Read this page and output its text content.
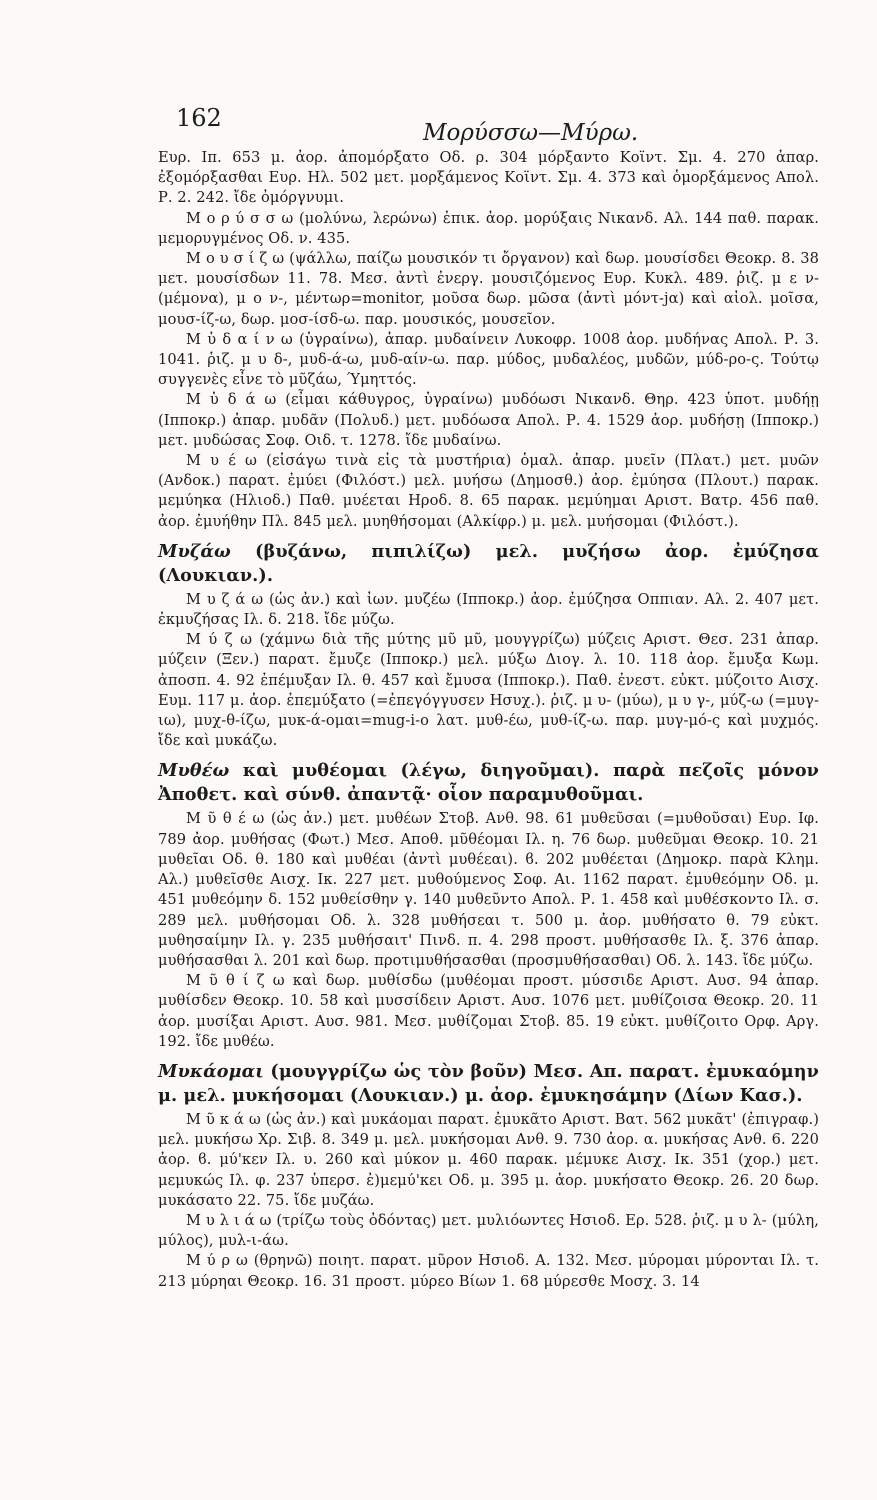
162
Μορύσσω—Μύρω.

Ευρ. Ιπ. 653 μ. ἀορ. ἀπομόρξατο Οδ. ρ. 304 μόρξαντο Κοϊντ. Σμ. 4. 270 ἀπαρ. ἐξομόρξασθαι Ευρ. Ηλ. 502 μετ. μορξάμενος Κοϊντ. Σμ. 4. 373 καὶ ὁμορξάμενος Απολ. Ρ. 2. 242. ἴδε ὀμόργνυμι.

Μ ο ρ ύ σ σ ω (μολύνω, λερώνω) ἐπικ. ἀορ. μορύξαις Νικανδ. Αλ. 144 παθ. παρακ. μεμορυγμένος Οδ. ν. 435.

Μ ο υ σ ί ζ ω (ψάλλω, παίζω μουσικόν τι ὄργανον) καὶ δωρ. μουσίσδει Θεοκρ. 8. 38 μετ. μουσίσδων 11. 78. Μεσ. ἀντὶ ἐνεργ. μουσιζόμενος Ευρ. Κυκλ. 489. ῥιζ. μ ε ν- (μέμονα), μ ο ν-, μέντωρ=monitor, μοῦσα δωρ. μῶσα (ἀντὶ μόντ-jα) καὶ αἰολ. μοῖσα, μουσ-ίζ-ω, δωρ. μοσ-ίσδ-ω. παρ. μουσικός, μουσεῖον.

Μ ὑ δ α ί ν ω (ὑγραίνω), ἀπαρ. μυδαίνειν Λυκοφρ. 1008 ἀορ. μυδήνας Απολ. Ρ. 3. 1041. ῥιζ. μ υ δ-, μυδ-ά-ω, μυδ-αίν-ω. παρ. μύδος, μυδαλέος, μυδῶν, μύδ-ρο-ς. Τούτῳ συγγενὲς εἶνε τὸ μῦζάω, Ύμηττός.

Μ ὑ δ ά ω (εἶμαι κάθυγρος, ὑγραίνω) μυδόωσι Νικανδ. Θηρ. 423 ὑποτ. μυδήῃ (Ιπποκρ.) ἀπαρ. μυδᾶν (Πολυδ.) μετ. μυδόωσα Απολ. Ρ. 4. 1529 ἀορ. μυδήσῃ (Ιπποκρ.) μετ. μυδώσας Σοφ. Οιδ. τ. 1278. ἴδε μυδαίνω.

Μ υ έ ω (εἰσάγω τινὰ εἰς τὰ μυστήρια) ὁμαλ. ἀπαρ. μυεῖν (Πλατ.) μετ. μυῶν (Ανδοκ.) παρατ. ἐμύει (Φιλόστ.) μελ. μυήσω (Δημοσθ.) ἀορ. ἐμύησα (Πλουτ.) παρακ. μεμύηκα (Ηλιοδ.) Παθ. μυέεται Ηροδ. 8. 65 παρακ. μεμύημαι Αριστ. Βατρ. 456 παθ. ἀορ. ἐμυήθην Πλ. 845 μελ. μυηθήσομαι (Αλκίφρ.) μ. μελ. μυήσομαι (Φιλόστ.).

Μυζάω (βυζάνω, πιπιλίζω) μελ. μυζήσω ἀορ. ἐμύζησα (Λουκιαν.).

Μ υ ζ ά ω (ὡς ἀν.) καὶ ἰων. μυζέω (Ιπποκρ.) ἀορ. ἐμύζησα Οππιαν. Αλ. 2. 407 μετ. ἐκμυζήσας Ιλ. δ. 218. ἴδε μύζω.

Μ ύ ζ ω (χάμνω διὰ τῆς μύτης μῦ μῦ, μουγγρίζω) μύζεις Αριστ. Θεσ. 231 ἀπαρ. μύζειν (Ξεν.) παρατ. ἔμυζε (Ιπποκρ.) μελ. μύξω Διογ. λ. 10. 118 ἀορ. ἔμυξα Κωμ. ἀποσπ. 4. 92 ἐπέμυξαν Ιλ. θ. 457 καὶ ἔμυσα (Ιπποκρ.). Παθ. ἐνεστ. εὐκτ. μύζοιτο Αισχ. Ευμ. 117 μ. ἀορ. ἐπεμύξατο (=ἐπεγόγγυσεν Ησυχ.). ῥιζ. μ υ- (μύω), μ υ γ-, μύζ-ω (=μυγ-ιω), μυχ-θ-ίζω, μυκ-ά-ομαι=mug-i-o λατ. μυθ-έω, μυθ-ίζ-ω. παρ. μυγ-μό-ς καὶ μυχμός. ἴδε καὶ μυκάζω.

Μυθέω καὶ μυθέομαι (λέγω, διηγοῦμαι). παρὰ πεζοῖς μόνον Ἀποθετ. καὶ σύνθ. ἀπαντᾷ· οἷον παραμυθοῦμαι.

Μ ῦ θ έ ω (ὡς ἀν.) μετ. μυθέων Στοβ. Ανθ. 98. 61 μυθεῦσαι (=μυθοῦσαι) Ευρ. Ιφ. 789 ἀορ. μυθήσας (Φωτ.) Μεσ. Αποθ. μῦθέομαι Ιλ. η. 76 δωρ. μυθεῦμαι Θεοκρ. 10. 21 μυθεῖαι Οδ. θ. 180 καὶ μυθέαι (ἀντὶ μυθέεαι). ϐ. 202 μυθέεται (Δημοκρ. παρὰ Κλημ. Αλ.) μυθεῖσθε Αισχ. Ικ. 227 μετ. μυθούμενος Σοφ. Αι. 1162 παρατ. ἐμυθεόμην Οδ. μ. 451 μυθεόμην δ. 152 μυθείσθην γ. 140 μυθεῦντο Απολ. Ρ. 1. 458 καὶ μυθέσκοντο Ιλ. σ. 289 μελ. μυθήσομαι Οδ. λ. 328 μυθήσεαι τ. 500 μ. ἀορ. μυθήσατο θ. 79 εὐκτ. μυθησαίμην Ιλ. γ. 235 μυθήσαιτ' Πινδ. π. 4. 298 προστ. μυθήσασθε Ιλ. ξ. 376 ἀπαρ. μυθήσασθαι λ. 201 καὶ δωρ. προτιμυθήσασθαι (προσμυθήσασθαι) Οδ. λ. 143. ἴδε μύζω.

Μ ῦ θ ί ζ ω καὶ δωρ. μυθίσδω (μυθέομαι προστ. μύσσιδε Αριστ. Αυσ. 94 ἀπαρ. μυθίσδεν Θεοκρ. 10. 58 καὶ μυσσίδειν Αριστ. Αυσ. 1076 μετ. μυθίζοισα Θεοκρ. 20. 11 ἀορ. μυσίξαι Αριστ. Αυσ. 981. Μεσ. μυθίζομαι Στοβ. 85. 19 εὐκτ. μυθίζοιτο Ορφ. Αργ. 192. ἴδε μυθέω.

Μυκάομαι (μουγγρίζω ὡς τὸν βοῦν) Μεσ. Απ. παρατ. ἐμυκαόμην μ. μελ. μυκήσομαι (Λουκιαν.) μ. ἀορ. ἐμυκησάμην (Δίων Κασ.).

Μ ῦ κ ά ω (ὡς ἀν.) καὶ μυκάομαι παρατ. ἐμυκᾶτο Αριστ. Βατ. 562 μυκᾶτ' (ἐπιγραφ.) μελ. μυκήσω Χρ. Σιβ. 8. 349 μ. μελ. μυκήσομαι Ανθ. 9. 730 ἀορ. α. μυκήσας Ανθ. 6. 220 ἀορ. ϐ. μύ'κεν Ιλ. υ. 260 καὶ μύκον μ. 460 παρακ. μέμυκε Αισχ. Ικ. 351 (χορ.) μετ. μεμυκώς Ιλ. φ. 237 ὑπερσ. ἐ)μεμύ'κει Οδ. μ. 395 μ. ἀορ. μυκήσατο Θεοκρ. 26. 20 δωρ. μυκάσατο 22. 75. ἴδε μυζάω.

Μ υ λ ι ά ω (τρίζω τοὺς ὀδόντας) μετ. μυλιόωντες Ησιοδ. Ερ. 528. ῥιζ. μ υ λ- (μύλη, μύλος), μυλ-ι-άω.

Μ ύ ρ ω (θρηνῶ) ποιητ. παρατ. μῦρον Ησιοδ. Α. 132. Μεσ. μύρομαι μύρονται Ιλ. τ. 213 μύρηαι Θεοκρ. 16. 31 προστ. μύρεο Βίων 1. 68 μύρεσθε Μοσχ. 3. 14
